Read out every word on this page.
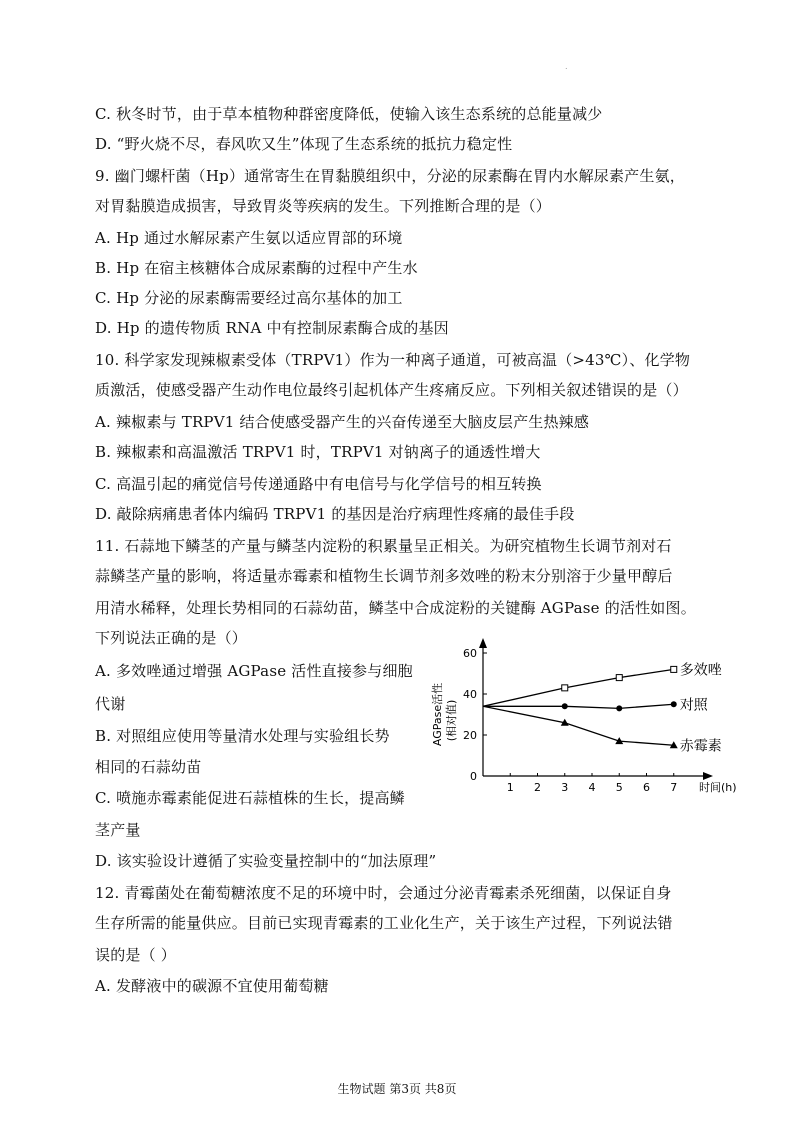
.
C. 秋冬时节，由于草本植物种群密度降低，使输入该生态系统的总能量减少
D. “野火烧不尽，春风吹又生”体现了生态系统的抵抗力稳定性
9. 幽门螺杆菌（Hp）通常寄生在胃黏膜组织中，分泌的尿素酶在胃内水解尿素产生氨，
对胃黏膜造成损害，导致胃炎等疾病的发生。下列推断合理的是（）
A. Hp 通过水解尿素产生氨以适应胃部的环境
B. Hp 在宿主核糖体合成尿素酶的过程中产生水
C. Hp 分泌的尿素酶需要经过高尔基体的加工
D. Hp 的遗传物质 RNA 中有控制尿素酶合成的基因
10. 科学家发现辣椒素受体（TRPV1）作为一种离子通道，可被高温（>43℃）、化学物
质激活，使感受器产生动作电位最终引起机体产生疼痛反应。下列相关叙述错误的是（）
A. 辣椒素与 TRPV1 结合使感受器产生的兴奋传递至大脑皮层产生热辣感
B. 辣椒素和高温激活 TRPV1 时，TRPV1 对钠离子的通透性增大
C. 高温引起的痛觉信号传递通路中有电信号与化学信号的相互转换
D. 敲除病痛患者体内编码 TRPV1 的基因是治疗病理性疼痛的最佳手段
11. 石蒜地下鳞茎的产量与鳞茎内淀粉的积累量呈正相关。为研究植物生长调节剂对石
蒜鳞茎产量的影响，将适量赤霉素和植物生长调节剂多效唑的粉末分别溶于少量甲醇后
用清水稀释，处理长势相同的石蒜幼苗，鳞茎中合成淀粉的关键酶 AGPase 的活性如图。
下列说法正确的是（）
A. 多效唑通过增强 AGPase 活性直接参与细胞
代谢
B. 对照组应使用等量清水处理与实验组长势
相同的石蒜幼苗
C. 喷施赤霉素能促进石蒜植株的生长，提高鳞
茎产量
D. 该实验设计遵循了实验变量控制中的“加法原理”
12. 青霉菌处在葡萄糖浓度不足的环境中时，会通过分泌青霉素杀死细菌，以保证自身
生存所需的能量供应。目前已实现青霉素的工业化生产，关于该生产过程，下列说法错
误的是（ ）
A. 发酵液中的碳源不宜使用葡萄糖
0
20
40
60
1 2 3 4 5 6 7 时间(h)
AGPase活性 (相对值)
多效唑
对照
赤霉素
生物试题 第3页 共8页
